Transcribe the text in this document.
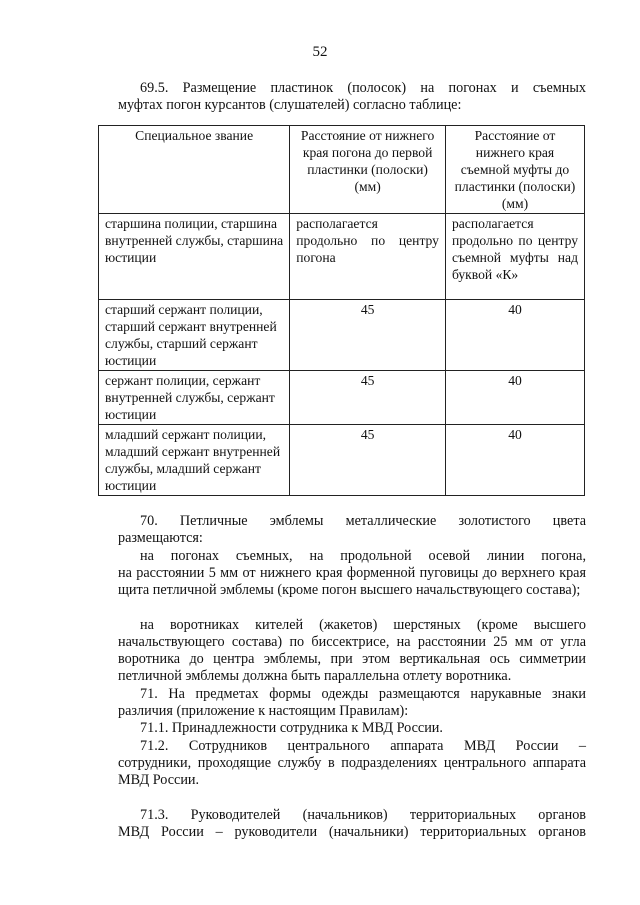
52

69.5. Размещение пластинок (полосок) на погонах и съемных

муфтах погон курсантов (слушателей) согласно таблице:

Специальное звание	Расстояние от нижнего края погона до первой пластинки (полоски) (мм)	Расстояние от нижнего края съемной муфты до пластинки (полоски) (мм)
старшина полиции, старшина внутренней службы, старшина юстиции	располагается продольно по центру погона	располагается продольно по центру съемной муфты над буквой «К»
старший сержант полиции, старший сержант внутренней службы, старший сержант юстиции	45	40
сержант полиции, сержант внутренней службы, сержант юстиции	45	40
младший сержант полиции, младший сержант внутренней службы, младший сержант юстиции	45	40

70. Петличные эмблемы металлические золотистого цвета

размещаются:

на погонах съемных, на продольной осевой линии погона,

на расстоянии 5 мм от нижнего края форменной пуговицы до верхнего края щита петличной эмблемы (кроме погон высшего начальствующего состава);

на воротниках кителей (жакетов) шерстяных (кроме высшего

начальствующего состава) по биссектрисе, на расстоянии 25 мм от угла воротника до центра эмблемы, при этом вертикальная ось симметрии петличной эмблемы должна быть параллельна отлету воротника.

71. На предметах формы одежды размещаются нарукавные знаки

различия (приложение к настоящим Правилам):

71.1. Принадлежности сотрудника к МВД России.

71.2. Сотрудников центрального аппарата МВД России –

сотрудники, проходящие службу в подразделениях центрального аппарата МВД России.

71.3. Руководителей (начальников) территориальных органов

МВД России – руководители (начальники) территориальных органов
